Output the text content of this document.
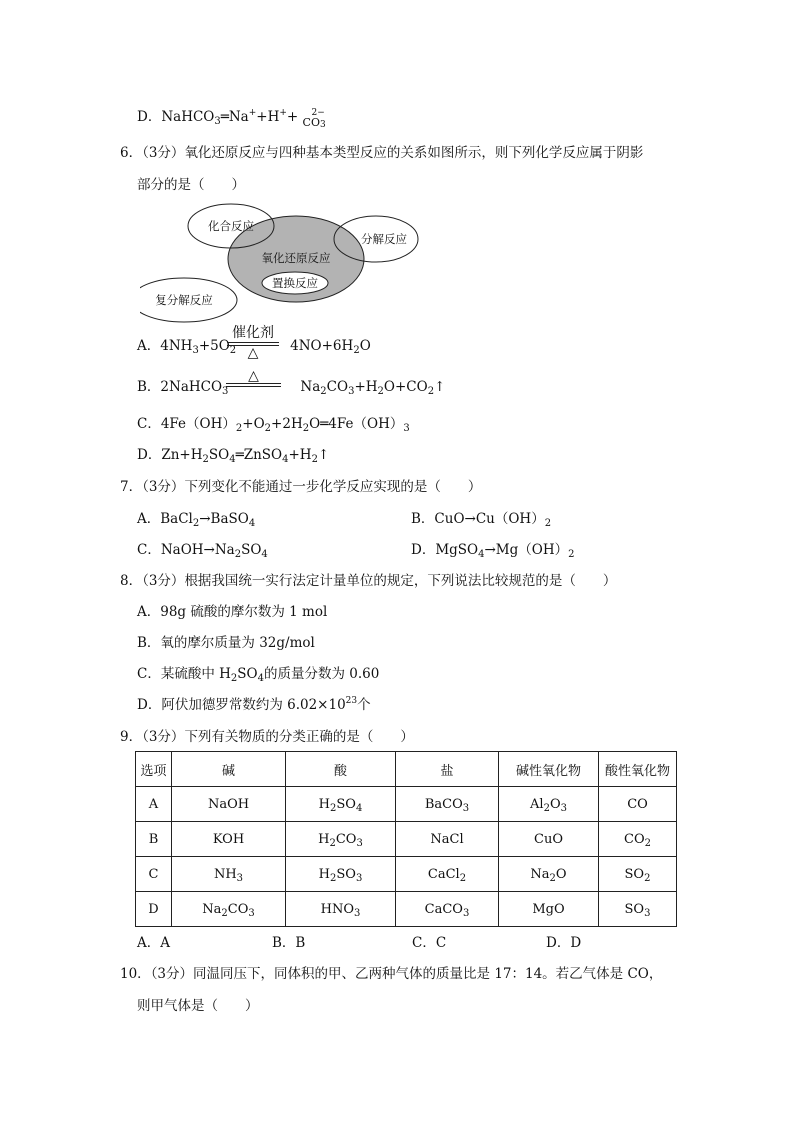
D．NaHCO$_3$═Na++H++	2−
$CO_3$
6．（3分）氧化还原反应与四种基本类型反应的关系如图所示，则下列化学反应属于阴影
部分的是（　　）
化合反应
分解反应
氧化还原反应
置换反应
复分解反应
A．$4NH_3+5O_2$	$4NO+6H_2O$
催化剂
△
B．2NaHCO$_3$	$Na_2CO_3+H_2O+CO_2↑$
△
C．$4Fe(OH)_2+O_2+2H_2O═4Fe(OH)_3$
D．$Zn+H_2SO_4═ZnSO_4+H_2↑$
7．（3分）下列变化不能通过一步化学反应实现的是（　　）
A．BaCl$_2$→BaSO$_4$	B．$CuO\to Cu(OH)_2$
C．$NaOH\to Na_2SO_4$	D．$MgSO_4\to Mg(OH)_2$
8．（3分）根据我国统一实行法定计量单位的规定，下列说法比较规范的是（　　）
A．98g 硫酸的摩尔数为 1 mol
B．氧的摩尔质量为 32g/mol
C．某硫酸中 $H_2SO_4$的质量分数为 0.60
D．阿伏加德罗常数约为 $6.02\times 10^{23}$个
9．（3分）下列有关物质的分类正确的是（　　）
选项	碱	酸	盐	碱性氧化物	酸性氧化物
A	NaOH	$H_2SO_4$	BaCO$_3$	$Al_2O_3$	CO
B	KOH	$H_2CO_3$	NaCl	CuO	$CO_2$
C	$NH_3$	$H_2SO_3$	CaCl$_2$	$Na_2O$	$SO_2$
D	$Na_2CO_3$	$HNO_3$	CaCO$_3$	MgO	$SO_3$
A．A	B．B	C．C	D．D
10．（3分）同温同压下，同体积的甲、乙两种气体的质量比是 17：14。若乙气体是 CO，
则甲气体是（　　）
